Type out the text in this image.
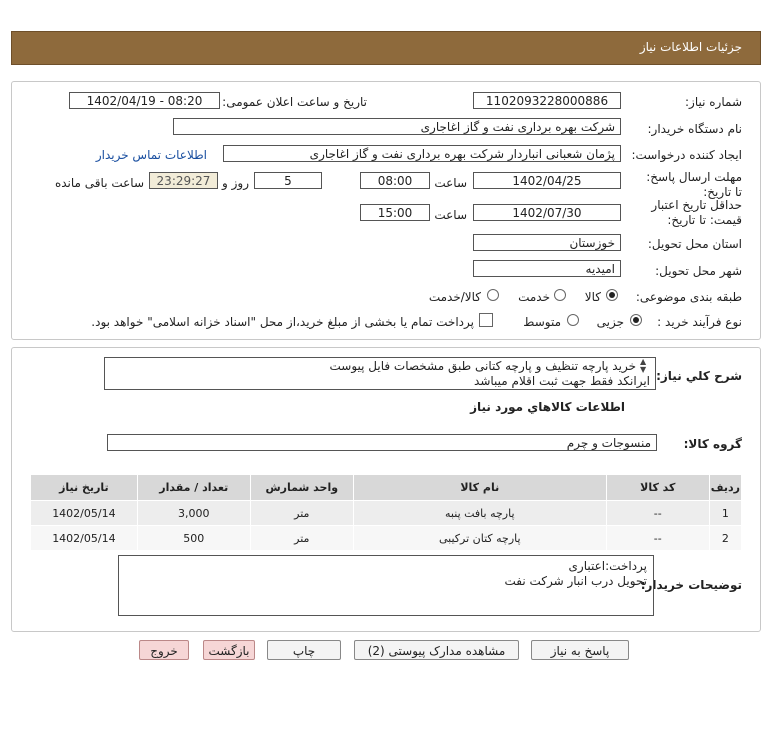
جزئیات اطلاعات نیاز
شماره نیاز:
1102093228000886
تاریخ و ساعت اعلان عمومی:
1402/04/19 - 08:20
نام دستگاه خریدار:
شرکت بهره برداری نفت و گاز اغاجاری
ایجاد کننده درخواست:
پژمان شعبانی انباردار شرکت بهره برداری نفت و گاز اغاجاری
اطلاعات تماس خریدار
مهلت ارسال پاسخ: تا تاریخ:
1402/04/25
ساعت
08:00
5
روز و
23:29:27
ساعت باقی مانده
حداقل تاریخ اعتبار قیمت: تا تاریخ:
1402/07/30
ساعت
15:00
استان محل تحویل:
خوزستان
شهر محل تحویل:
امیدیه
طبقه بندی موضوعی:
کالا
خدمت
کالا/خدمت
نوع فرآیند خرید :
جزیی
متوسط
پرداخت تمام یا بخشی از مبلغ خرید،از محل "اسناد خزانه اسلامی" خواهد بود.
شرح كلي نياز:
خرید پارچه تنظیف و پارچه کتانی طبق مشخصات فایل پیوست
ایرانکد فقط جهت ثبت اقلام میباشد
▲
▼
اطلاعات كالاهاي مورد نياز
گروه کالا:
منسوجات و چرم
ردیف	کد کالا	نام کالا	واحد شمارش	تعداد / مقدار	تاریخ نیاز
1	--	پارچه بافت پنبه	متر	3,000	1402/05/14
2	--	پارچه کتان ترکیبی	متر	500	1402/05/14
توضیحات خریدار:
پرداخت:اعتباری
تحویل درب انبار شرکت نفت
پاسخ به نیاز
مشاهده مدارک پیوستی (2)
چاپ
بازگشت
خروج
